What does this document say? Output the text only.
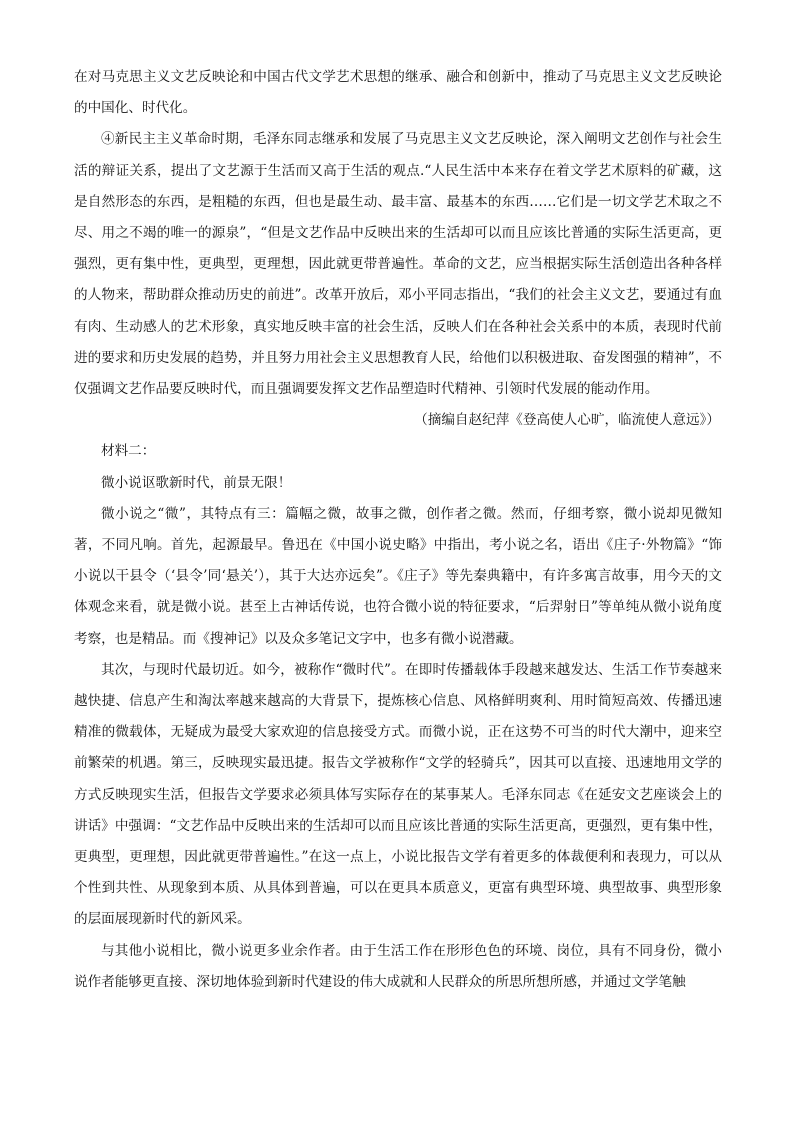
在对马克思主义文艺反映论和中国古代文学艺术思想的继承、融合和创新中，推动了马克思主义文艺反映论的中国化、时代化。

④新民主主义革命时期，毛泽东同志继承和发展了马克思主义文艺反映论，深入阐明文艺创作与社会生活的辩证关系，提出了文艺源于生活而又高于生活的观点.“人民生活中本来存在着文学艺术原料的矿藏，这是自然形态的东西，是粗糙的东西，但也是最生动、最丰富、最基本的东西……它们是一切文学艺术取之不尽、用之不竭的唯一的源泉”，“但是文艺作品中反映出来的生活却可以而且应该比普通的实际生活更高，更强烈，更有集中性，更典型，更理想，因此就更带普遍性。革命的文艺，应当根据实际生活创造出各种各样的人物来，帮助群众推动历史的前进”。改革开放后，邓小平同志指出，“我们的社会主义文艺，要通过有血有肉、生动感人的艺术形象，真实地反映丰富的社会生活，反映人们在各种社会关系中的本质，表现时代前进的要求和历史发展的趋势，并且努力用社会主义思想教育人民，给他们以积极进取、奋发图强的精神”，不仅强调文艺作品要反映时代，而且强调要发挥文艺作品塑造时代精神、引领时代发展的能动作用。

（摘编自赵纪萍《登高使人心旷，临流使人意远》）

材料二：

微小说讴歌新时代，前景无限！

微小说之“微”，其特点有三：篇幅之微，故事之微，创作者之微。然而，仔细考察，微小说却见微知著，不同凡响。首先，起源最早。鲁迅在《中国小说史略》中指出，考小说之名，语出《庄子·外物篇》“饰小说以干县令（‘县令’同‘悬关’），其于大达亦远矣”。《庄子》等先秦典籍中，有许多寓言故事，用今天的文体观念来看，就是微小说。甚至上古神话传说，也符合微小说的特征要求，“后羿射日”等单纯从微小说角度考察，也是精品。而《搜神记》以及众多笔记文字中，也多有微小说潜藏。

其次，与现时代最切近。如今，被称作“微时代”。在即时传播载体手段越来越发达、生活工作节奏越来越快捷、信息产生和淘汰率越来越高的大背景下，提炼核心信息、风格鲜明爽利、用时简短高效、传播迅速精准的微载体，无疑成为最受大家欢迎的信息接受方式。而微小说，正在这势不可当的时代大潮中，迎来空前繁荣的机遇。第三，反映现实最迅捷。报告文学被称作“文学的轻骑兵”，因其可以直接、迅速地用文学的方式反映现实生活，但报告文学要求必须具体写实际存在的某事某人。毛泽东同志《在延安文艺座谈会上的讲话》中强调：“文艺作品中反映出来的生活却可以而且应该比普通的实际生活更高，更强烈，更有集中性，更典型，更理想，因此就更带普遍性。”在这一点上，小说比报告文学有着更多的体裁便利和表现力，可以从个性到共性、从现象到本质、从具体到普遍，可以在更具本质意义，更富有典型环境、典型故事、典型形象的层面展现新时代的新风采。

与其他小说相比，微小说更多业余作者。由于生活工作在形形色色的环境、岗位，具有不同身份，微小说作者能够更直接、深切地体验到新时代建设的伟大成就和人民群众的所思所想所感，并通过文学笔触
